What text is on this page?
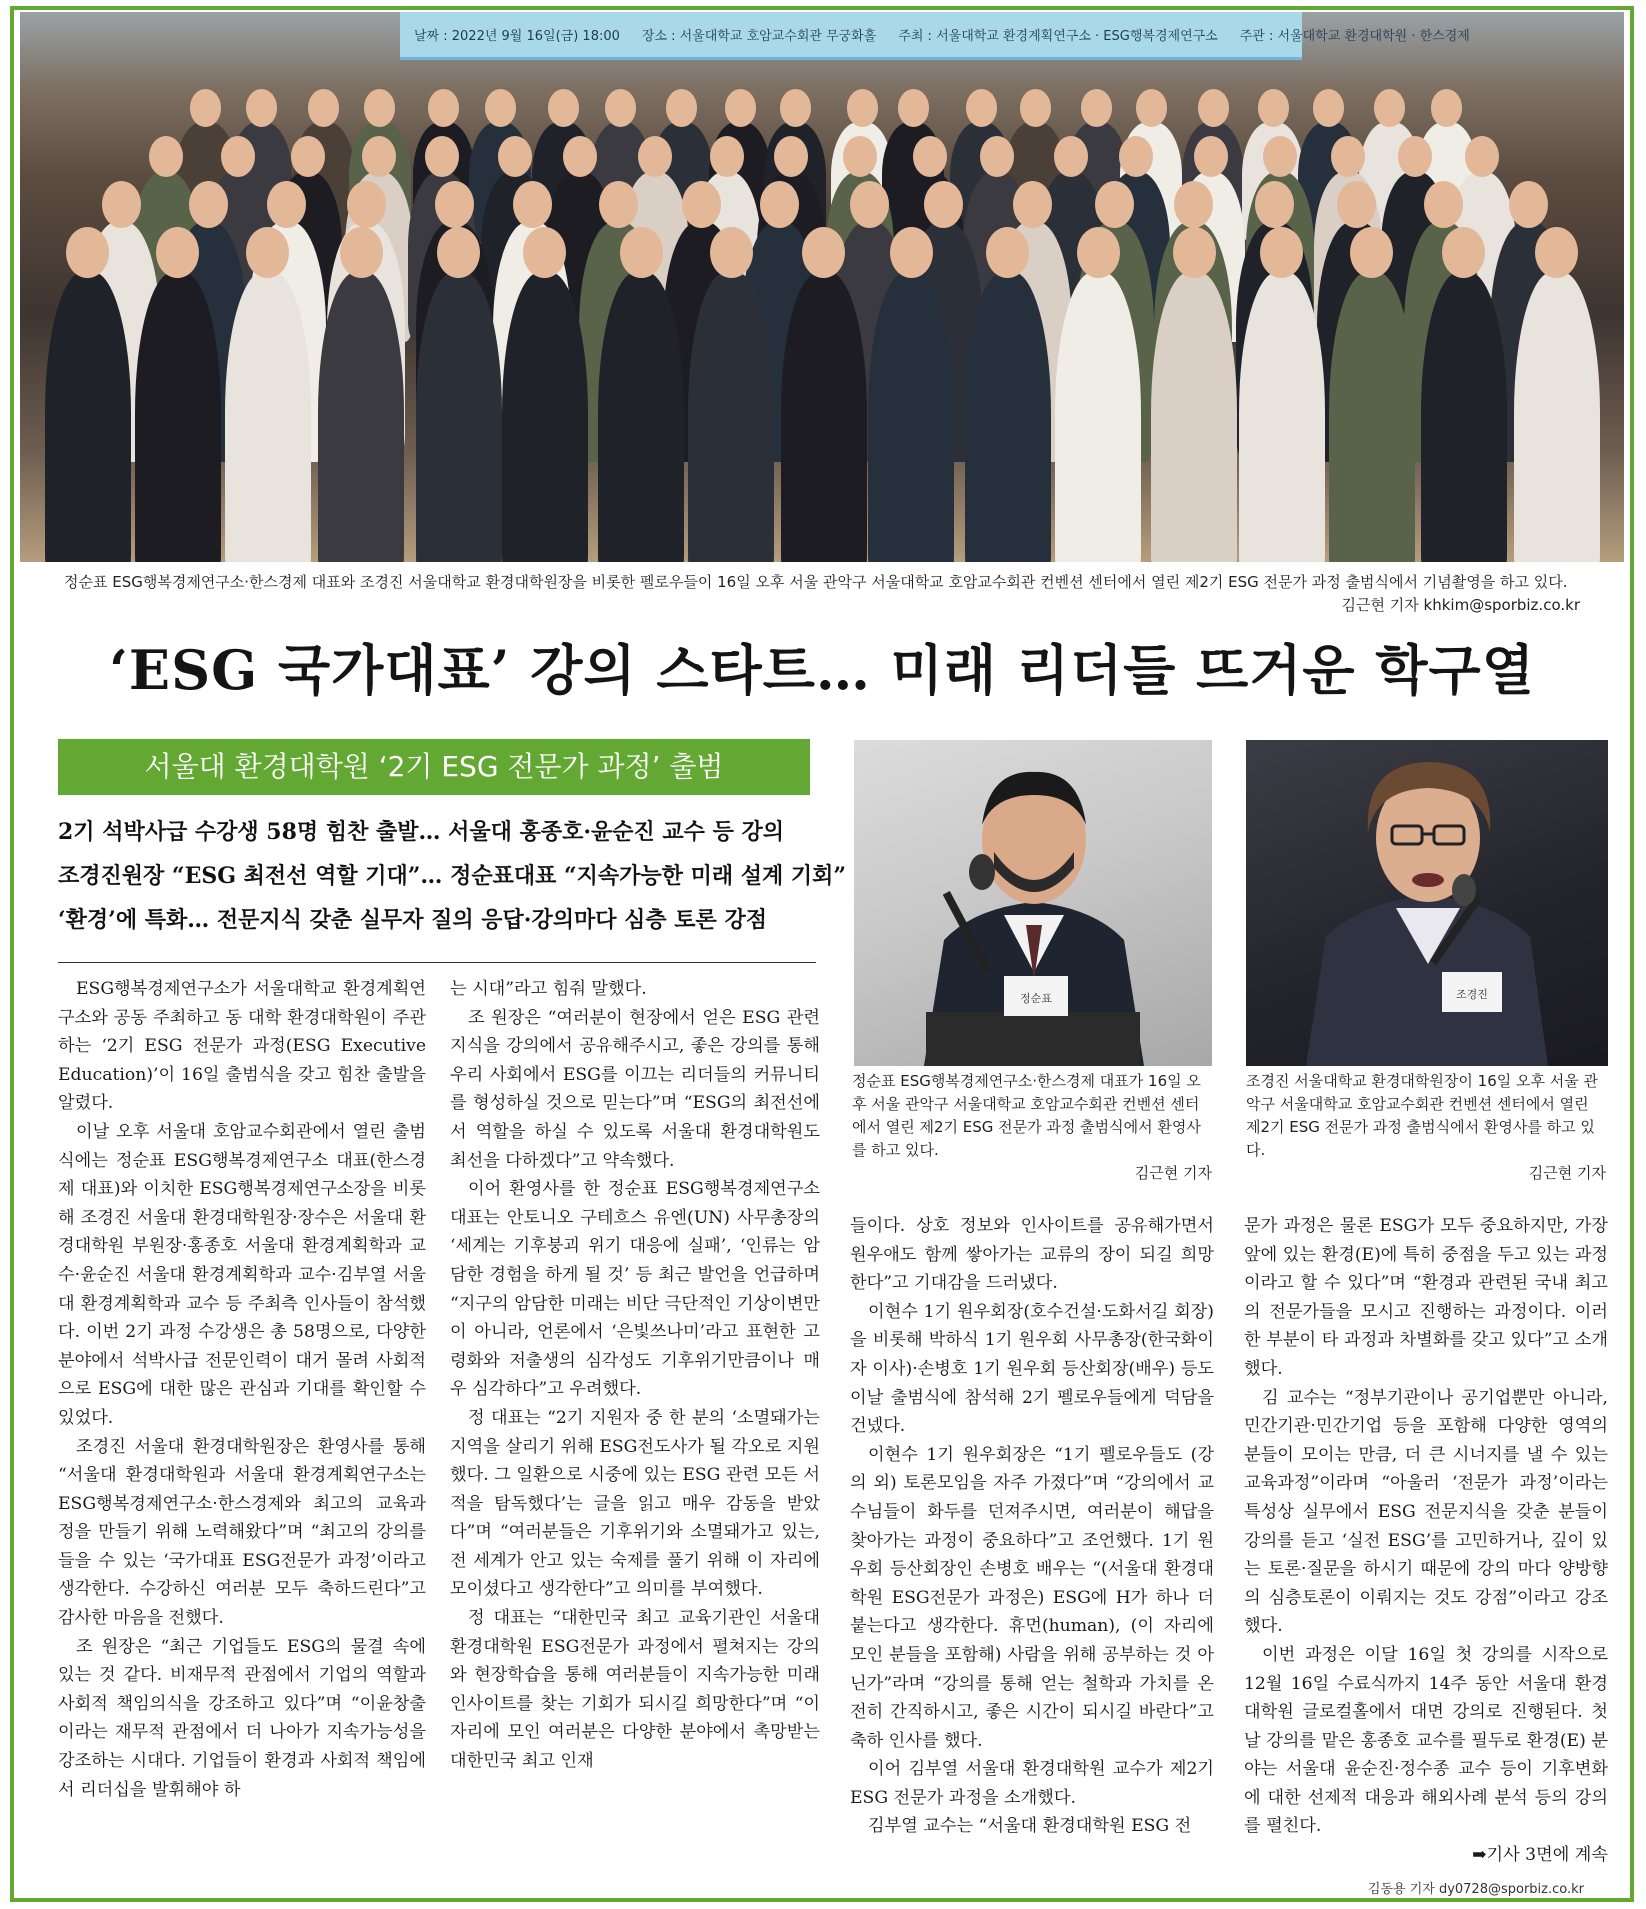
날짜 : 2022년 9월 16일(금) 18:00 장소 : 서울대학교 호암교수회관 무궁화홀 주최 : 서울대학교 환경계획연구소 · ESG행복경제연구소 주관 : 서울대학교 환경대학원 · 한스경제
정순표 ESG행복경제연구소·한스경제 대표와 조경진 서울대학교 환경대학원장을 비롯한 펠로우들이 16일 오후 서울 관악구 서울대학교 호암교수회관 컨벤션 센터에서 열린 제2기 ESG 전문가 과정 출범식에서 기념촬영을 하고 있다.
김근현 기자 khkim@sporbiz.co.kr
‘ESG 국가대표’ 강의 스타트… 미래 리더들 뜨거운 학구열
서울대 환경대학원 ‘2기 ESG 전문가 과정’ 출범
2기 석박사급 수강생 58명 힘찬 출발… 서울대 홍종호·윤순진 교수 등 강의
조경진원장 “ESG 최전선 역할 기대”… 정순표대표 “지속가능한 미래 설계 기회”
‘환경’에 특화… 전문지식 갖춘 실무자 질의 응답·강의마다 심층 토론 강점
정순표	조경진
정순표 ESG행복경제연구소·한스경제 대표가 16일 오후 서울 관악구 서울대학교 호암교수회관 컨벤션 센터에서 열린 제2기 ESG 전문가 과정 출범식에서 환영사를 하고 있다.
김근현 기자
조경진 서울대학교 환경대학원장이 16일 오후 서울 관악구 서울대학교 호암교수회관 컨벤션 센터에서 열린 제2기 ESG 전문가 과정 출범식에서 환영사를 하고 있다.
김근현 기자

ESG행복경제연구소가 서울대학교 환경계획연구소와 공동 주최하고 동 대학 환경대학원이 주관하는 ‘2기 ESG 전문가 과정(ESG Executive Education)’이 16일 출범식을 갖고 힘찬 출발을 알렸다.

이날 오후 서울대 호암교수회관에서 열린 출범식에는 정순표 ESG행복경제연구소 대표(한스경제 대표)와 이치한 ESG행복경제연구소장을 비롯해 조경진 서울대 환경대학원장·장수은 서울대 환경대학원 부원장·홍종호 서울대 환경계획학과 교수·윤순진 서울대 환경계획학과 교수·김부열 서울대 환경계획학과 교수 등 주최측 인사들이 참석했다. 이번 2기 과정 수강생은 총 58명으로, 다양한 분야에서 석박사급 전문인력이 대거 몰려 사회적으로 ESG에 대한 많은 관심과 기대를 확인할 수 있었다.

조경진 서울대 환경대학원장은 환영사를 통해 “서울대 환경대학원과 서울대 환경계획연구소는 ESG행복경제연구소·한스경제와 최고의 교육과정을 만들기 위해 노력해왔다”며 “최고의 강의를 들을 수 있는 ‘국가대표 ESG전문가 과정’이라고 생각한다. 수강하신 여러분 모두 축하드린다”고 감사한 마음을 전했다.

조 원장은 “최근 기업들도 ESG의 물결 속에 있는 것 같다. 비재무적 관점에서 기업의 역할과 사회적 책임의식을 강조하고 있다”며 “이윤창출이라는 재무적 관점에서 더 나아가 지속가능성을 강조하는 시대다. 기업들이 환경과 사회적 책임에서 리더십을 발휘해야 하

는 시대”라고 힘줘 말했다.

조 원장은 “여러분이 현장에서 얻은 ESG 관련 지식을 강의에서 공유해주시고, 좋은 강의를 통해 우리 사회에서 ESG를 이끄는 리더들의 커뮤니티를 형성하실 것으로 믿는다”며 “ESG의 최전선에서 역할을 하실 수 있도록 서울대 환경대학원도 최선을 다하겠다”고 약속했다.

이어 환영사를 한 정순표 ESG행복경제연구소 대표는 안토니오 구테흐스 유엔(UN) 사무총장의 ‘세계는 기후붕괴 위기 대응에 실패’, ‘인류는 암담한 경험을 하게 될 것’ 등 최근 발언을 언급하며 “지구의 암담한 미래는 비단 극단적인 기상이변만이 아니라, 언론에서 ‘은빛쓰나미’라고 표현한 고령화와 저출생의 심각성도 기후위기만큼이나 매우 심각하다”고 우려했다.

정 대표는 “2기 지원자 중 한 분의 ‘소멸돼가는 지역을 살리기 위해 ESG전도사가 될 각오로 지원했다. 그 일환으로 시중에 있는 ESG 관련 모든 서적을 탐독했다’는 글을 읽고 매우 감동을 받았다”며 “여러분들은 기후위기와 소멸돼가고 있는, 전 세계가 안고 있는 숙제를 풀기 위해 이 자리에 모이셨다고 생각한다”고 의미를 부여했다.

정 대표는 “대한민국 최고 교육기관인 서울대 환경대학원 ESG전문가 과정에서 펼쳐지는 강의와 현장학습을 통해 여러분들이 지속가능한 미래 인사이트를 찾는 기회가 되시길 희망한다”며 “이 자리에 모인 여러분은 다양한 분야에서 촉망받는 대한민국 최고 인재

들이다. 상호 정보와 인사이트를 공유해가면서 원우애도 함께 쌓아가는 교류의 장이 되길 희망한다”고 기대감을 드러냈다.

이현수 1기 원우회장(호수건설·도화서길 회장)을 비롯해 박하식 1기 원우회 사무총장(한국화이자 이사)·손병호 1기 원우회 등산회장(배우) 등도 이날 출범식에 참석해 2기 펠로우들에게 덕담을 건넸다.

이현수 1기 원우회장은 “1기 펠로우들도 (강의 외) 토론모임을 자주 가졌다”며 “강의에서 교수님들이 화두를 던져주시면, 여러분이 해답을 찾아가는 과정이 중요하다”고 조언했다. 1기 원우회 등산회장인 손병호 배우는 “(서울대 환경대학원 ESG전문가 과정은) ESG에 H가 하나 더 붙는다고 생각한다. 휴먼(human), (이 자리에 모인 분들을 포함해) 사람을 위해 공부하는 것 아닌가”라며 “강의를 통해 얻는 철학과 가치를 온전히 간직하시고, 좋은 시간이 되시길 바란다”고 축하 인사를 했다.

이어 김부열 서울대 환경대학원 교수가 제2기 ESG 전문가 과정을 소개했다.

김부열 교수는 “서울대 환경대학원 ESG 전

문가 과정은 물론 ESG가 모두 중요하지만, 가장 앞에 있는 환경(E)에 특히 중점을 두고 있는 과정이라고 할 수 있다”며 “환경과 관련된 국내 최고의 전문가들을 모시고 진행하는 과정이다. 이러한 부분이 타 과정과 차별화를 갖고 있다”고 소개했다.

김 교수는 “정부기관이나 공기업뿐만 아니라, 민간기관·민간기업 등을 포함해 다양한 영역의 분들이 모이는 만큼, 더 큰 시너지를 낼 수 있는 교육과정”이라며 “아울러 ‘전문가 과정’이라는 특성상 실무에서 ESG 전문지식을 갖춘 분들이 강의를 듣고 ‘실전 ESG’를 고민하거나, 깊이 있는 토론·질문을 하시기 때문에 강의 마다 양방향의 심층토론이 이뤄지는 것도 강점”이라고 강조했다.

이번 과정은 이달 16일 첫 강의를 시작으로 12월 16일 수료식까지 14주 동안 서울대 환경대학원 글로컬홀에서 대면 강의로 진행된다. 첫날 강의를 맡은 홍종호 교수를 필두로 환경(E) 분야는 서울대 윤순진·정수종 교수 등이 기후변화에 대한 선제적 대응과 해외사례 분석 등의 강의를 펼친다.

➡기사 3면에 계속

김동용 기자 dy0728@sporbiz.co.kr
